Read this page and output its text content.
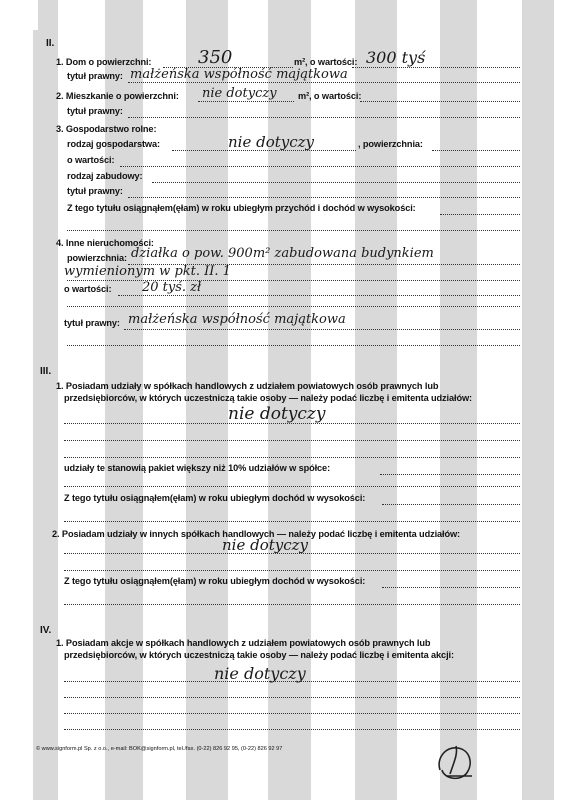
II.
1. Dom o powierzchni:	350	m², o wartości: 300 tyś
tytuł prawny: małżeńska współność majątkowa
2. Mieszkanie o powierzchni: nie dotyczy m², o wartości:
tytuł prawny:
3. Gospodarstwo rolne:
rodzaj gospodarstwa:	nie dotyczy	, powierzchnia:
o wartości:
rodzaj zabudowy:
tytuł prawny:
Z tego tytułu osiągnąłem(ęłam) w roku ubiegłym przychód i dochód w wysokości:
4. Inne nieruchomości:
powierzchnia: działka o pow. 900m² zabudowana budynkiem
wymienionym w pkt. II. 1
o wartości: 20 tyś. zł
tytuł prawny: małżeńska współność majątkowa
III.
1. Posiadam udziały w spółkach handlowych z udziałem powiatowych osób prawnych lub
przedsiębiorców, w których uczestniczą takie osoby — należy podać liczbę i emitenta udziałów:
nie dotyczy
udziały te stanowią pakiet większy niż 10% udziałów w spółce:
Z tego tytułu osiągnąłem(ęłam) w roku ubiegłym dochód w wysokości:
2. Posiadam udziały w innych spółkach handlowych — należy podać liczbę i emitenta udziałów:
nie dotyczy
Z tego tytułu osiągnąłem(ęłam) w roku ubiegłym dochód w wysokości:
IV.
1. Posiadam akcje w spółkach handlowych z udziałem powiatowych osób prawnych lub
przedsiębiorców, w których uczestniczą takie osoby — należy podać liczbę i emitenta akcji:
nie dotyczy
© www.signform.pl Sp. z o.o., e-mail: BOK@signform.pl, tel./fax. (0-22) 826 92 95, (0-22) 826 92 97
